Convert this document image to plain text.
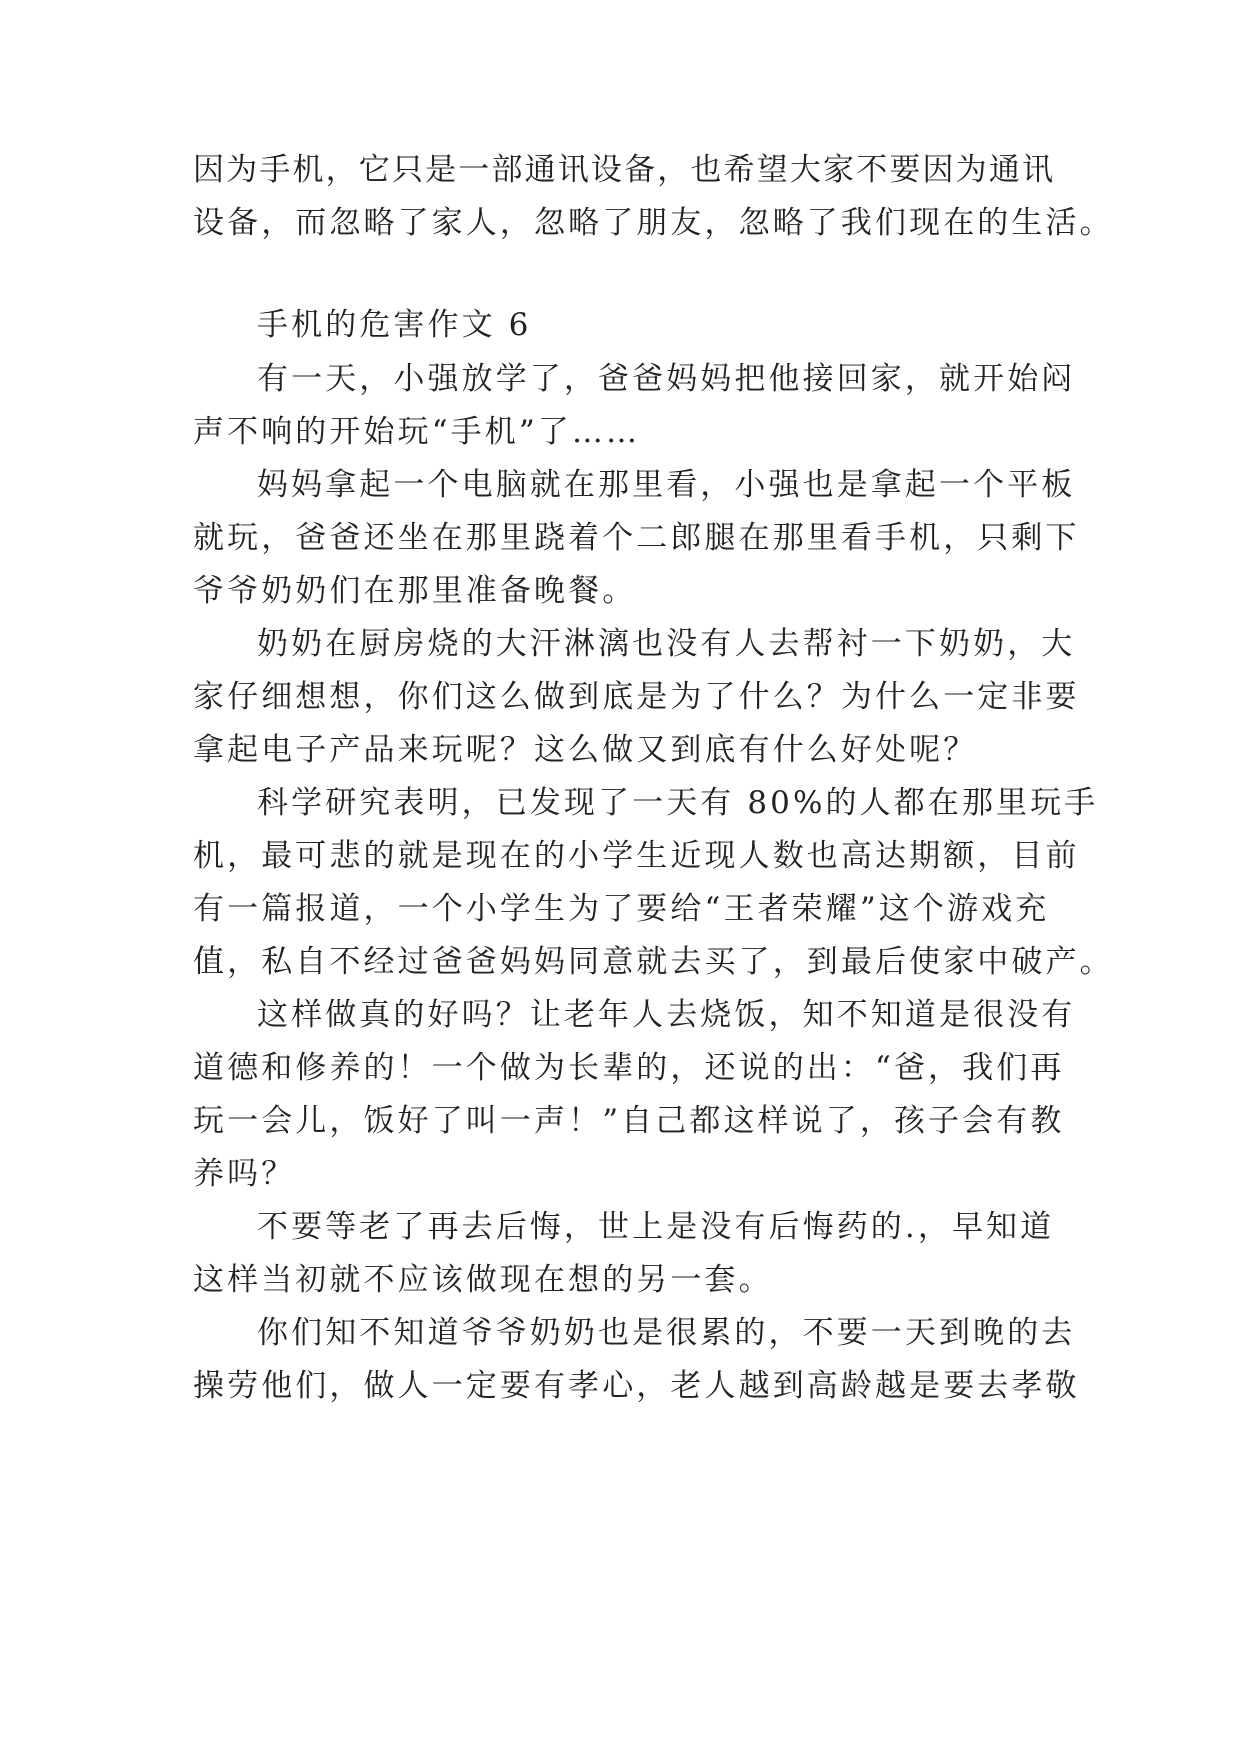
因为手机，它只是一部通讯设备，也希望大家不要因为通讯
设备，而忽略了家人，忽略了朋友，忽略了我们现在的生活。
手机的危害作文 6
有一天，小强放学了，爸爸妈妈把他接回家，就开始闷
声不响的开始玩“手机”了……
妈妈拿起一个电脑就在那里看，小强也是拿起一个平板
就玩，爸爸还坐在那里跷着个二郎腿在那里看手机，只剩下
爷爷奶奶们在那里准备晚餐。
奶奶在厨房烧的大汗淋漓也没有人去帮衬一下奶奶，大
家仔细想想，你们这么做到底是为了什么？为什么一定非要
拿起电子产品来玩呢？这么做又到底有什么好处呢？
科学研究表明，已发现了一天有 80%的人都在那里玩手
机，最可悲的就是现在的小学生近现人数也高达期额，目前
有一篇报道，一个小学生为了要给“王者荣耀”这个游戏充
值，私自不经过爸爸妈妈同意就去买了，到最后使家中破产。
这样做真的好吗？让老年人去烧饭，知不知道是很没有
道德和修养的！一个做为长辈的，还说的出：“爸，我们再
玩一会儿，饭好了叫一声！”自己都这样说了，孩子会有教
养吗？
不要等老了再去后悔，世上是没有后悔药的.，早知道
这样当初就不应该做现在想的另一套。
你们知不知道爷爷奶奶也是很累的，不要一天到晚的去
操劳他们，做人一定要有孝心，老人越到高龄越是要去孝敬
